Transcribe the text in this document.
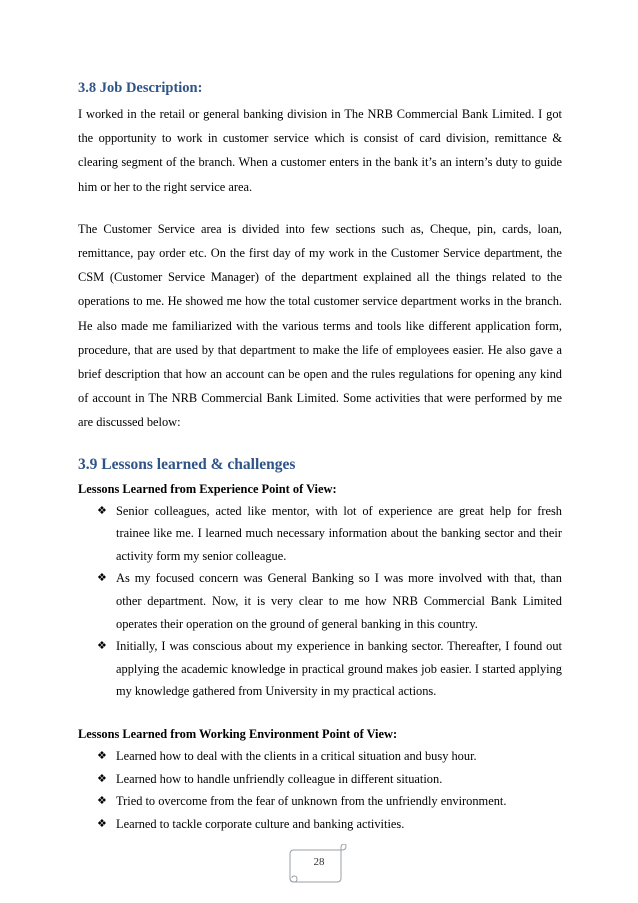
3.8 Job Description:

I worked in the retail or general banking division in The NRB Commercial Bank Limited. I got the opportunity to work in customer service which is consist of card division, remittance & clearing segment of the branch. When a customer enters in the bank it’s an intern’s duty to guide him or her to the right service area.

The Customer Service area is divided into few sections such as, Cheque, pin, cards, loan, remittance, pay order etc. On the first day of my work in the Customer Service department, the CSM (Customer Service Manager) of the department explained all the things related to the operations to me. He showed me how the total customer service department works in the branch. He also made me familiarized with the various terms and tools like different application form, procedure, that are used by that department to make the life of employees easier. He also gave a brief description that how an account can be open and the rules regulations for opening any kind of account in The NRB Commercial Bank Limited. Some activities that were performed by me are discussed below:

3.9 Lessons learned & challenges

Lessons Learned from Experience Point of View:

❖ Senior colleagues, acted like mentor, with lot of experience are great help for fresh trainee like me. I learned much necessary information about the banking sector and their activity form my senior colleague.
❖ As my focused concern was General Banking so I was more involved with that, than other department. Now, it is very clear to me how NRB Commercial Bank Limited operates their operation on the ground of general banking in this country.
❖ Initially, I was conscious about my experience in banking sector. Thereafter, I found out applying the academic knowledge in practical ground makes job easier. I started applying my knowledge gathered from University in my practical actions.

Lessons Learned from Working Environment Point of View:

❖ Learned how to deal with the clients in a critical situation and busy hour.
❖ Learned how to handle unfriendly colleague in different situation.
❖ Tried to overcome from the fear of unknown from the unfriendly environment.
❖ Learned to tackle corporate culture and banking activities.
28
